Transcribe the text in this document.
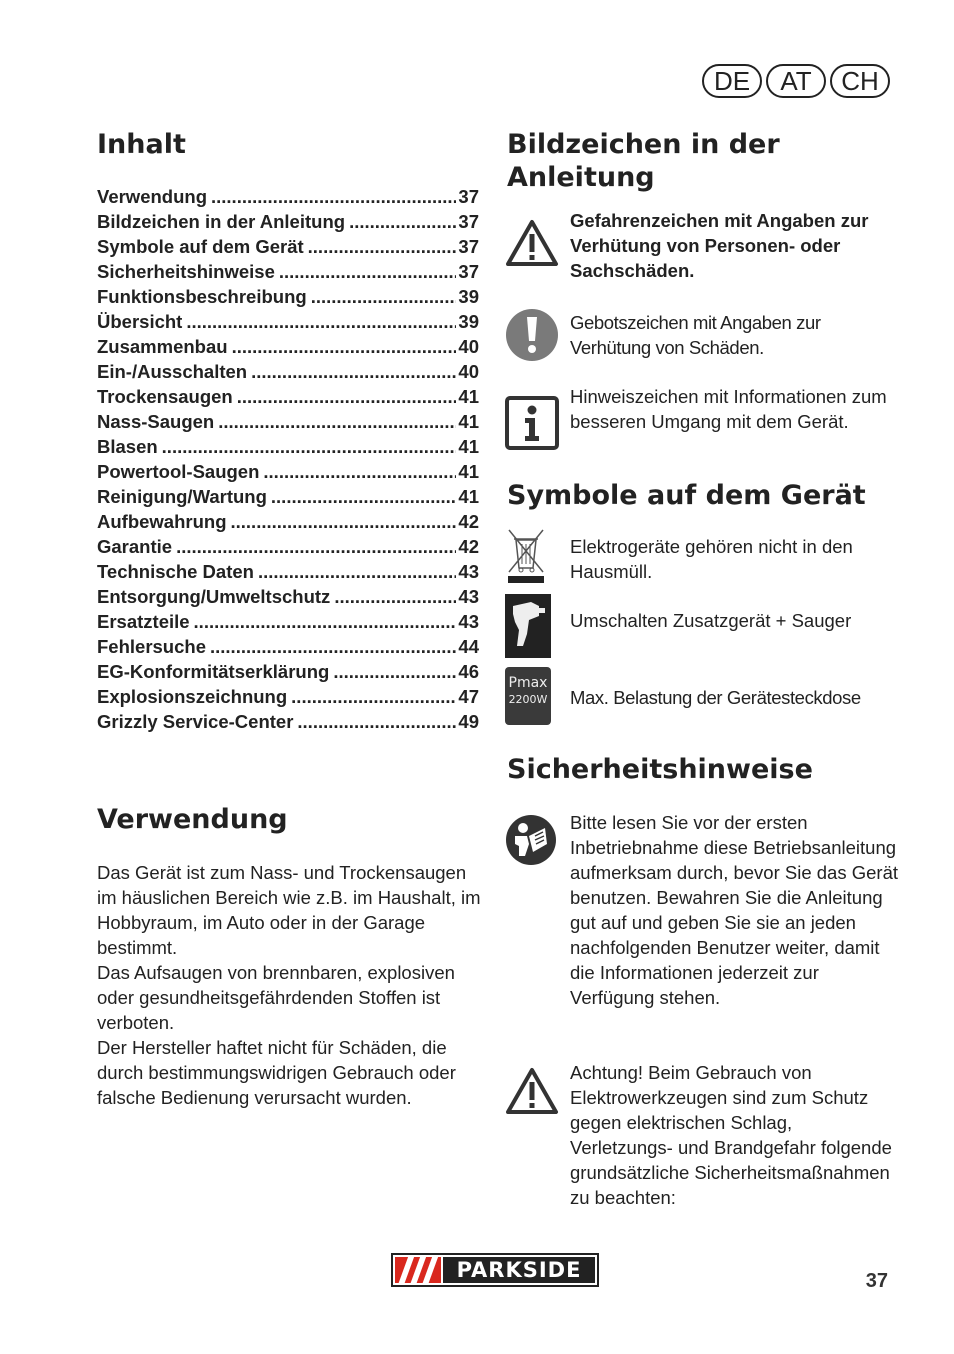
DE	AT	CH
Inhalt
Verwendung .....	37
Bildzeichen in der Anleitung .....	37
Symbole auf dem Gerät .....	37
Sicherheitshinweise .....	37
Funktionsbeschreibung .....	39
Übersicht .....	39
Zusammenbau .....	40
Ein-/Ausschalten .....	40
Trockensaugen .....	41
Nass-Saugen .....	41
Blasen .....	41
Powertool-Saugen .....	41
Reinigung/Wartung .....	41
Aufbewahrung .....	42
Garantie .....	42
Technische Daten .....	43
Entsorgung/Umweltschutz .....	43
Ersatzteile .....	43
Fehlersuche .....	44
EG-Konformitätserklärung .....	46
Explosionszeichnung .....	47
Grizzly Service-Center .....	49
Verwendung

Das Gerät ist zum Nass- und Trockensaugen im häuslichen Bereich wie z.B. im Haushalt, im Hobbyraum, im Auto oder in der Garage bestimmt.

Das Aufsaugen von brennbaren, explosiven oder gesundheitsgefährdenden Stoffen ist verboten.

Der Hersteller haftet nicht für Schäden, die durch bestimmungswidrigen Gebrauch oder falsche Bedienung verursacht wurden.

Bildzeichen in der
Anleitung
Gefahrenzeichen mit Angaben zur Verhütung von Personen- oder Sachschäden.
Gebotszeichen mit Angaben zur Verhütung von Schäden.
Hinweiszeichen mit Informationen zum besseren Umgang mit dem Gerät.
Symbole auf dem Gerät
Elektrogeräte gehören nicht in den Hausmüll.
Umschalten Zusatzgerät + Sauger
Pmax
2200W Max. Belastung der Gerätesteckdose
Sicherheitshinweise
Bitte lesen Sie vor der ersten Inbetriebnahme diese Betriebsanleitung aufmerksam durch, bevor Sie das Gerät benutzen. Bewahren Sie die Anleitung gut auf und geben Sie sie an jeden nachfolgenden Benutzer weiter, damit die Informationen jederzeit zur Verfügung stehen.
Achtung! Beim Gebrauch von Elektrowerkzeugen sind zum Schutz gegen elektrischen Schlag, Verletzungs- und Brandgefahr folgende grundsätzliche Sicherheitsmaßnahmen zu beachten:
PARKSIDE	37
